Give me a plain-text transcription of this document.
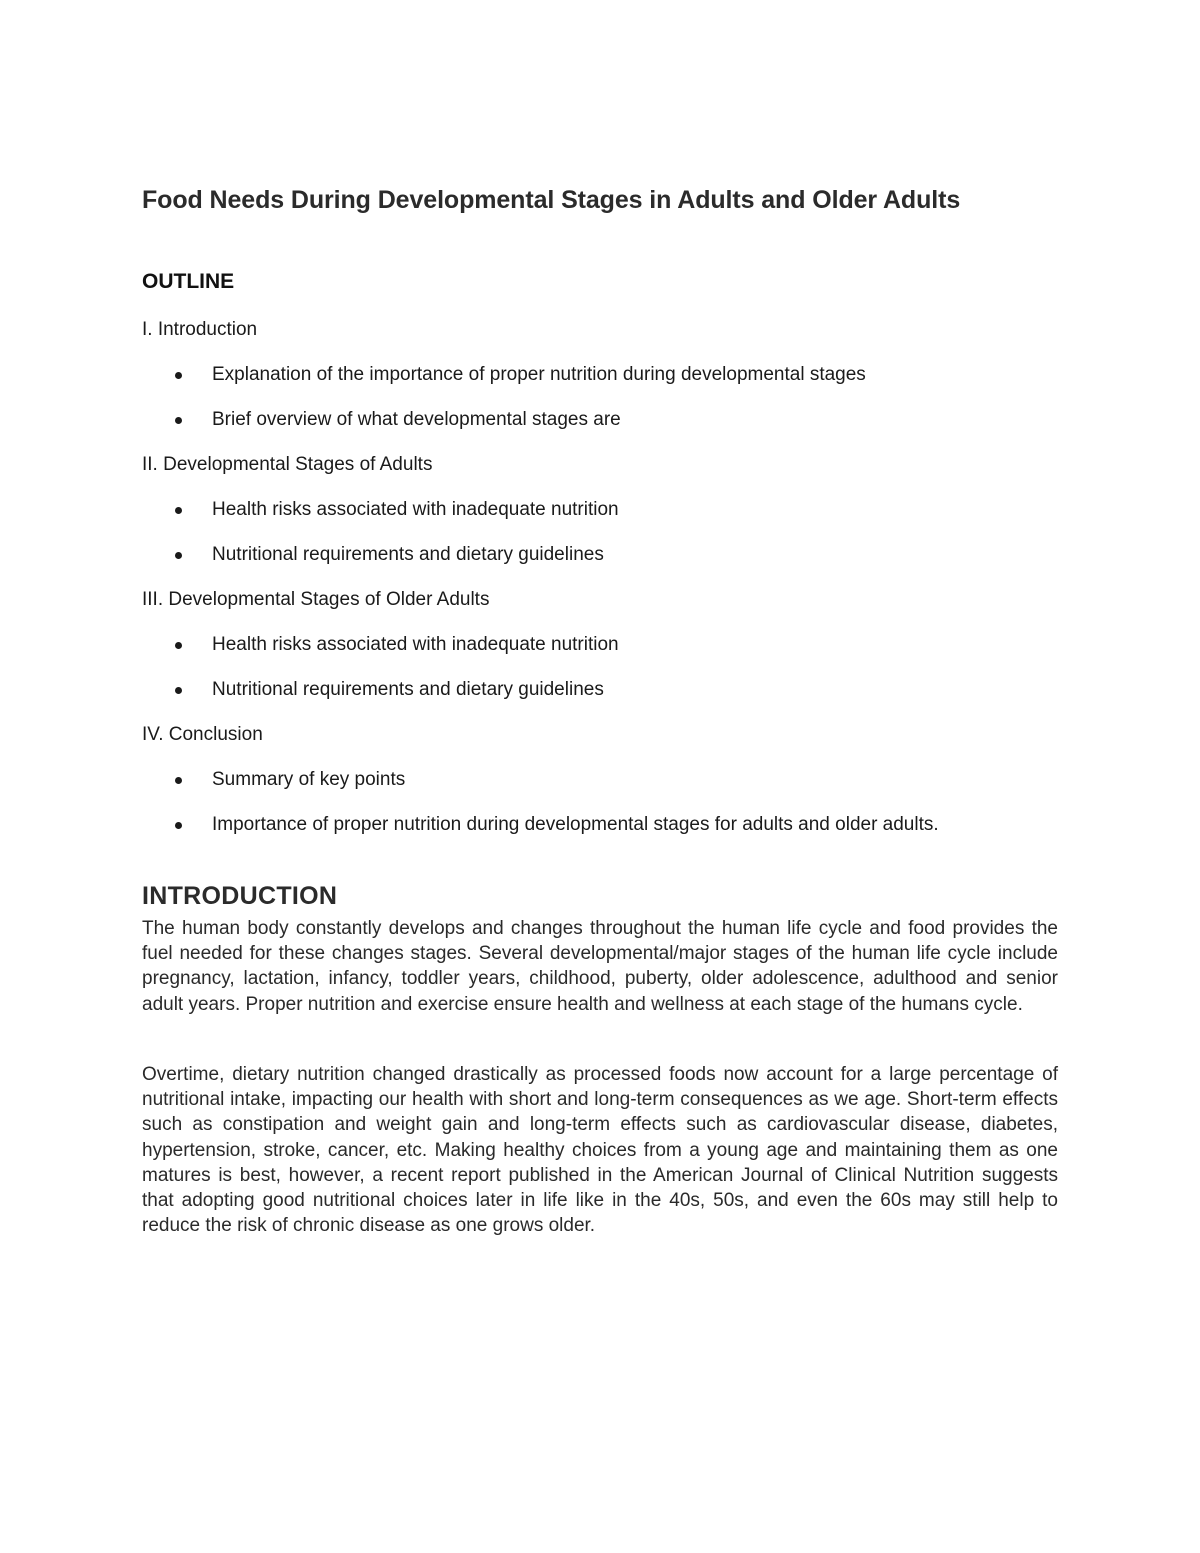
Food Needs During Developmental Stages in Adults and Older Adults
OUTLINE

I. Introduction

Explanation of the importance of proper nutrition during developmental stages
Brief overview of what developmental stages are

II. Developmental Stages of Adults

Health risks associated with inadequate nutrition
Nutritional requirements and dietary guidelines

III. Developmental Stages of Older Adults

Health risks associated with inadequate nutrition
Nutritional requirements and dietary guidelines

IV. Conclusion

Summary of key points
Importance of proper nutrition during developmental stages for adults and older adults.
INTRODUCTION

The human body constantly develops and changes throughout the human life cycle and food provides the fuel needed for these changes stages. Several developmental/major stages of the human life cycle include pregnancy, lactation, infancy, toddler years, childhood, puberty, older adolescence, adulthood and senior adult years. Proper nutrition and exercise ensure health and wellness at each stage of the humans cycle.

Overtime, dietary nutrition changed drastically as processed foods now account for a large percentage of nutritional intake, impacting our health with short and long-term consequences as we age. Short-term effects such as constipation and weight gain and long-term effects such as cardiovascular disease, diabetes, hypertension, stroke, cancer, etc. Making healthy choices from a young age and maintaining them as one matures is best, however, a recent report published in the American Journal of Clinical Nutrition suggests that adopting good nutritional choices later in life like in the 40s, 50s, and even the 60s may still help to reduce the risk of chronic disease as one grows older.
